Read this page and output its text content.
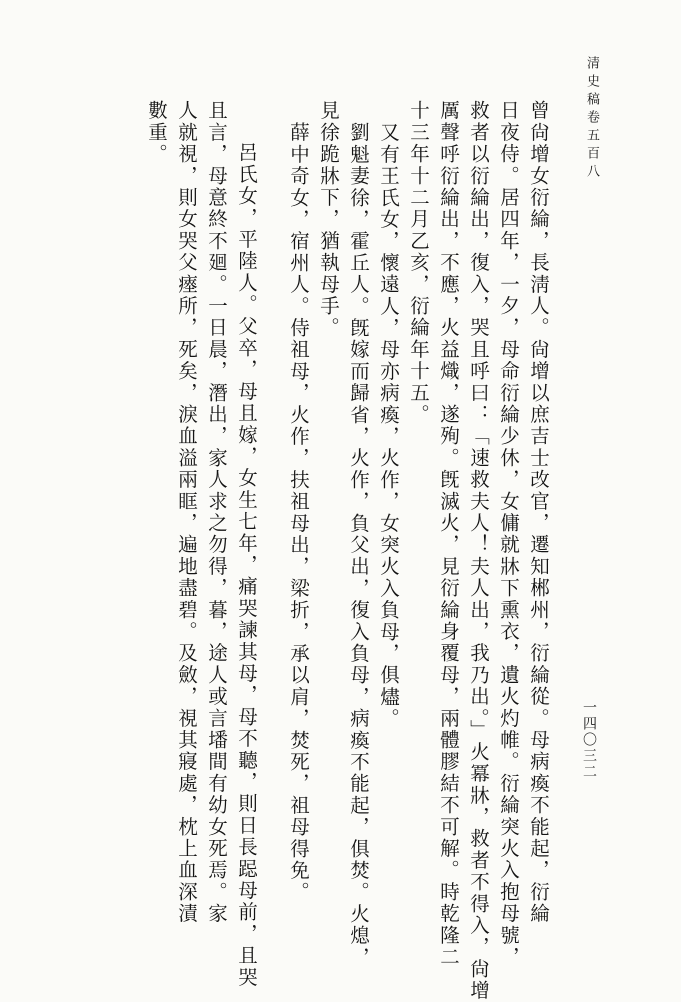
清史稿卷五百八
一四〇三二
曾尙增女衍綸，長淸人。尙增以庶吉士改官，遷知郴州，衍綸從。母病瘓不能起，衍綸
日夜侍。居四年，一夕，母命衍綸少休，女傭就牀下熏衣，遺火灼帷。衍綸突火入抱母號，
救者以衍綸出，復入，哭且呼曰：「速救夫人！夫人出，我乃出。」火冪牀，救者不得入，尙增
厲聲呼衍綸出，不應，火益熾，遂殉。旣滅火，見衍綸身覆母，兩體膠結不可解。時乾隆二
十三年十二月乙亥，衍綸年十五。
又有王氏女，懷遠人，母亦病瘓，火作，女突火入負母，俱燼。
劉魁妻徐，霍丘人。旣嫁而歸省，火作，負父出，復入負母，病瘓不能起，俱焚。火熄，
見徐跪牀下，猶執母手。
薛中奇女，宿州人。侍祖母，火作，扶祖母出，梁折，承以肩，焚死，祖母得免。
呂氏女，平陸人。父卒，母且嫁，女生七年，痛哭諫其母，母不聽，則日長跽母前，且哭
且言，母意終不廻。一日晨，潛出，家人求之勿得，暮，途人或言墦間有幼女死焉。家
人就視，則女哭父瘞所，死矣，淚血溢兩眶，遍地盡碧。及斂，視其寢處，枕上血深漬
數重。
